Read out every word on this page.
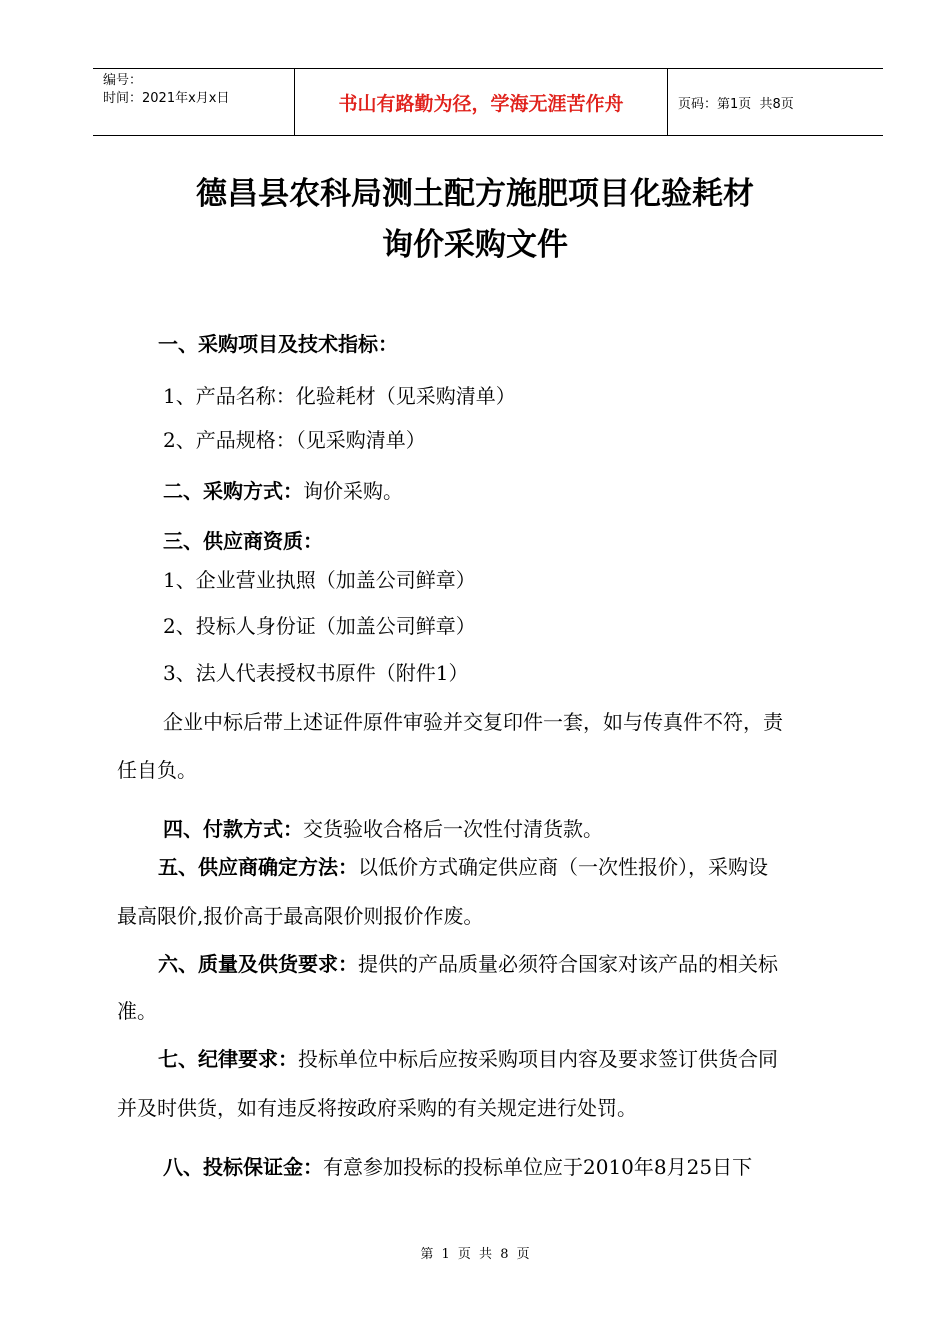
编号：
时间：2021年x月x日	书山有路勤为径，学海无涯苦作舟	页码：第1页  共8页
德昌县农科局测土配方施肥项目化验耗材
询价采购文件
一、采购项目及技术指标：
1、产品名称：化验耗材（见采购清单）
2、产品规格：（见采购清单）
二、采购方式：询价采购。
三、供应商资质：
1、企业营业执照（加盖公司鲜章）
2、投标人身份证（加盖公司鲜章）
3、法人代表授权书原件（附件1）
企业中标后带上述证件原件审验并交复印件一套，如与传真件不符，责
任自负。
四、付款方式：交货验收合格后一次性付清货款。
五、供应商确定方法：以低价方式确定供应商（一次性报价），采购设
最高限价,报价高于最高限价则报价作废。
六、质量及供货要求：提供的产品质量必须符合国家对该产品的相关标
准。
七、纪律要求：投标单位中标后应按采购项目内容及要求签订供货合同
并及时供货，如有违反将按政府采购的有关规定进行处罚。
八、投标保证金：有意参加投标的投标单位应于2010年8月25日下
第 1 页 共 8 页
